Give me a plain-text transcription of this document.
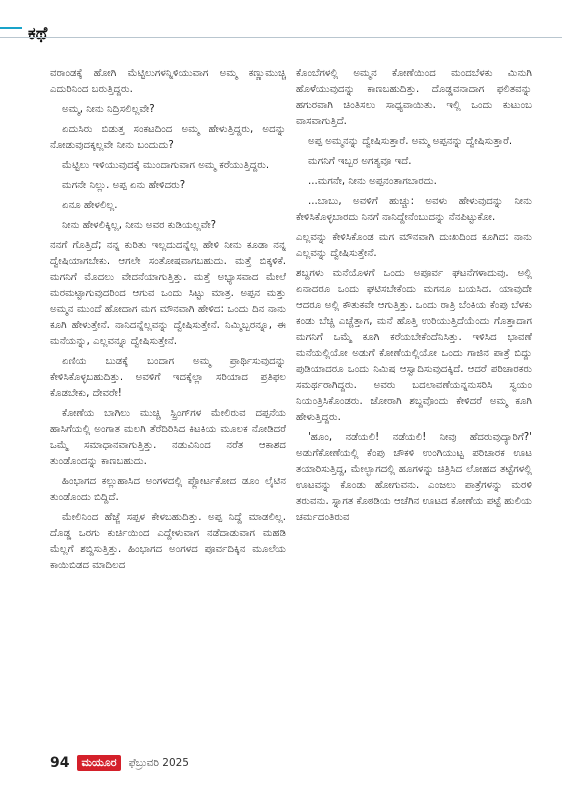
ಕಥೆ

ವರಾಂಡಕ್ಕೆ ಹೋಗಿ ಮೆಟ್ಟಿಲುಗಳನ್ನಿಳಿಯುವಾಗ ಅಮ್ಮ ಕಣ್ಣುಮುಚ್ಚಿ ಎದುರಿನಿಂದ ಬರುತ್ತಿದ್ದರು.

ಅಮ್ಮ, ನೀನು ನಿದ್ರಿಸಲಿಲ್ಲವೇ?

ಏದುಸಿರು ಬಿಡುತ್ತ ಸಂಕಟದಿಂದ ಅಮ್ಮ ಹೇಳುತ್ತಿದ್ದರು, ಅದನ್ನು ನೋಡುವುದಕ್ಕಲ್ಲವೇ ನೀನು ಬಂದುದು?

ಮೆಟ್ಟಿಲು ಇಳಿಯುವುದಕ್ಕೆ ಮುಂದಾಗುವಾಗ ಅಮ್ಮ ಕರೆಯುತ್ತಿದ್ದರು.

ಮಗನೇ ನಿಲ್ಲು. ಅಪ್ಪ ಏನು ಹೇಳಿದರು?

ಏನೂ ಹೇಳಲಿಲ್ಲ.

ನೀನು ಹೇಳಲಿಕ್ಕಿಲ್ಲ, ನೀನು ಅವರ ಕುಡಿಯಲ್ಲವೇ?

ನನಗೆ ಗೊತ್ತಿದೆ; ನನ್ನ ಕುರಿತು ಇಲ್ಲದುದನ್ನೆಲ್ಲ ಹೇಳಿ ನೀನು ಕೂಡಾ ನನ್ನ ದ್ವೇಷಿಯಾಗಬೇಕು. ಆಗಲೇ ಸಂತೋಷವಾಗಬಹುದು. ಮತ್ತೆ ಬಿಕ್ಕಳಿಕೆ. ಮಗನಿಗೆ ಮೊದಲು ವೇದನೆಯಾಗುತ್ತಿತ್ತು. ಮತ್ತೆ ಅಭ್ಯಾಸವಾದ ಮೇಲೆ ಮರಮಟ್ಟಾಗುವುದರಿಂದ ಆಗುವ ಒಂದು ಸಿಟ್ಟು ಮಾತ್ರ. ಅಪ್ಪನ ಮತ್ತು ಅಮ್ಮನ ಮುಂದೆ ಹೋದಾಗ ಮಗ ಮೌನವಾಗಿ ಹೇಳಿದ: ಒಂದು ದಿನ ನಾನು ಕೂಗಿ ಹೇಳುತ್ತೇನೆ. ನಾನಿದನ್ನೆಲ್ಲವನ್ನು ದ್ವೇಷಿಸುತ್ತೇನೆ. ನಿಮ್ಮಿಬ್ಬರನ್ನೂ, ಈ ಮನೆಯನ್ನು, ಎಲ್ಲವನ್ನೂ ದ್ವೇಷಿಸುತ್ತೇನೆ.

ಏಣಿಯ ಬುಡಕ್ಕೆ ಬಂದಾಗ ಅಮ್ಮ ಪ್ರಾರ್ಥಿಸುವುದನ್ನು ಕೇಳಿಸಿಕೊಳ್ಳಬಹುದಿತ್ತು. ಅವಳಿಗೆ ಇದಕ್ಕೆಲ್ಲಾ ಸರಿಯಾದ ಪ್ರತಿಫಲ ಕೊಡಬೇಕು, ದೇವರೇ!

ಕೋಣೆಯ ಬಾಗಿಲು ಮುಚ್ಚಿ ಸ್ಪ್ರಿಂಗ್‌ಗಳ ಮೇಲಿರುವ ದಪ್ಪನೆಯ ಹಾಸಿಗೆಯಲ್ಲಿ ಅಂಗಾತ ಮಲಗಿ ತೆರೆದಿರಿಸಿದ ಕಿಟಕಿಯ ಮೂಲಕ ನೋಡಿದರೆ ಒಮ್ಮೆ ಸಮಾಧಾನವಾಗುತ್ತಿತ್ತು. ನಡುವಿನಿಂದ ನರೆತ ಆಕಾಶದ ತುಂಡೊಂದನ್ನು ಕಾಣಬಹುದು.

ಹಿಂಭಾಗದ ಕಲ್ಲುಹಾಸಿದ ಅಂಗಳದಲ್ಲಿ ಪ್ಲೋರ್ಟಕೋದ ಡೂಂ ಲೈಟಿನ ತುಂಡೊಂದು ಬಿದ್ದಿದೆ.

ಮೇಲಿನಿಂದ ಹೆಜ್ಜೆ ಸಪ್ಪಳ ಕೇಳಬಹುದಿತ್ತು. ಅಪ್ಪ ನಿದ್ದೆ ಮಾಡಲಿಲ್ಲ. ದೊಡ್ಡ ಒರಗು ಕುರ್ಚಿಯಿಂದ ಎದ್ದೇಳುವಾಗ ನಡೆದಾಡುವಾಗ ಮಹಡಿ ಮೆಲ್ಲಗೆ ಶಬ್ದಿಸುತ್ತಿತ್ತು. ಹಿಂಭಾಗದ ಅಂಗಳದ ಪೂರ್ವದಿಕ್ಕಿನ ಮೂಲೆಯ ಕಾಯಿಬಿಡದ ಮಾದಿಲದ

ಕೊಂಬೆಗಳಲ್ಲಿ ಅಮ್ಮನ ಕೋಣೆಯಿಂದ ಮಂದಬೆಳಕು ಮಿನುಗಿ ಹೊಳೆಯುವುದನ್ನು ಕಾಣಬಹುದಿತ್ತು. ದೊಡ್ಡವನಾದಾಗ ಫಲಿತವನ್ನು ಹಗುರವಾಗಿ ಚಿಂತಿಸಲು ಸಾಧ್ಯವಾಯಿತು. ಇಲ್ಲಿ ಒಂದು ಕುಟುಂಬ ವಾಸವಾಗುತ್ತಿದೆ.

ಅಪ್ಪ ಅಮ್ಮನನ್ನು ದ್ವೇಷಿಸುತ್ತಾರೆ. ಅಮ್ಮ ಅಪ್ಪನನ್ನು ದ್ವೇಷಿಸುತ್ತಾರೆ.

ಮಗನಿಗೆ ಇಬ್ಬರ ಅಗತ್ಯವೂ ಇದೆ.

...ಮಗನೇ, ನೀನು ಅಪ್ಪನಂತಾಗಬಾರದು.

...ಬಾಬು, ಅವಳಿಗೆ ಹುಚ್ಚು: ಅವಳು ಹೇಳುವುದನ್ನು ನೀನು ಕೇಳಿಸಿಕೊಳ್ಳಬಾರದು ನಿನಗೆ ನಾನಿದ್ದೇನೆಂಬುದನ್ನು ನೆನಪಿಟ್ಟುಕೋ.

ಎಲ್ಲವನ್ನು ಕೇಳಿಸಿಕೊಂಡ ಮಗ ಮೌನವಾಗಿ ದುಃಖದಿಂದ ಕೂಗಿದ: ನಾನು ಎಲ್ಲವನ್ನು ದ್ವೇಷಿಸುತ್ತೇನೆ.

ಶಬ್ದಗಳು ಮನೆಯೊಳಗೆ ಒಂದು ಅಪೂರ್ವ ಘಟನೆಗಳಾದುವು. ಅಲ್ಲಿ ಏನಾದರೂ ಒಂದು ಘಟಿಸಬೇಕೆಂದು ಮಗನೂ ಬಯಸಿದ. ಯಾವುದೇ ಆದರೂ ಅಲ್ಲಿ ಕೌತುಕವೇ ಆಗುತ್ತಿತ್ತು. ಒಂದು ರಾತ್ರಿ ಬೆಂಕಿಯ ಕೆಂಪು ಬೆಳಕು ಕಂಡು ಬೆಚ್ಚಿ ಎಚ್ಚೆತ್ತಾಗ, ಮನೆ ಹೊತ್ತಿ ಉರಿಯುತ್ತಿದೆಯೆಂದು ಗೊತ್ತಾದಾಗ ಮಗನಿಗೆ ಒಮ್ಮೆ ಕೂಗಿ ಕರೆಯಬೇಕೆಂದೆನಿಸಿತ್ತು. ಇಳಿಸಿದ ಭಾವಣೆ ಮನೆಯಲ್ಲಿಯೋ ಅಡುಗೆ ಕೋಣೆಯಲ್ಲಿಯೋ ಒಂದು ಗಾಜಿನ ಪಾತ್ರೆ ಬಿದ್ದು ಪುಡಿಯಾದರೂ ಒಂದು ನಿಮಿಷ ಆಸ್ವಾದಿಸುವುದಕ್ಕಿದೆ. ಆದರೆ ಪರಿಚಾರಕರು ಸಮರ್ಥರಾಗಿದ್ದರು. ಅವರು ಬದಲಾವಣೆಯನ್ನನುಸರಿಸಿ ಸ್ವಯಂ ನಿಯಂತ್ರಿಸಿಕೊಂಡರು. ಜೋರಾಗಿ ಶಬ್ದವೊಂದು ಕೇಳಿದರೆ ಅಮ್ಮ ಕೂಗಿ ಹೇಳುತ್ತಿದ್ದರು.

'ಹೂಂ, ನಡೆಯಲಿ! ನಡೆಯಲಿ! ನೀವು ಹೆದರುವುದ್ಯಾರಿಗೆ?' ಅಡುಗೆಕೋಣೆಯಲ್ಲಿ ಕೆಂಪು ಚೌಕಳಿ ಉಂಗಿಯುಟ್ಟ ಪರಿಚಾರಕ ಊಟ ತಯಾರಿಸುತ್ತಿದ್ದ, ಮೇಲ್ಭಾಗದಲ್ಲಿ ಹೂಗಳನ್ನು ಚಿತ್ರಿಸಿದ ಲೋಹದ ತಟ್ಟೆಗಳಲ್ಲಿ ಊಟವನ್ನು ಕೊಂಡು ಹೋಗುವನು. ಎಂಜಲು ಪಾತ್ರೆಗಳನ್ನು ಮರಳಿ ತರುವನು. ಸ್ನಾಗತ ಕೊಠಡಿಯ ಆಚೆಗಿನ ಊಟದ ಕೋಣೆಯ ಪಟ್ಟೆ ಹುಲಿಯ ಚರ್ಮದಂತಿರುವ

94	ಮಯೂರ	ಫೆಬ್ರುವರಿ 2025
